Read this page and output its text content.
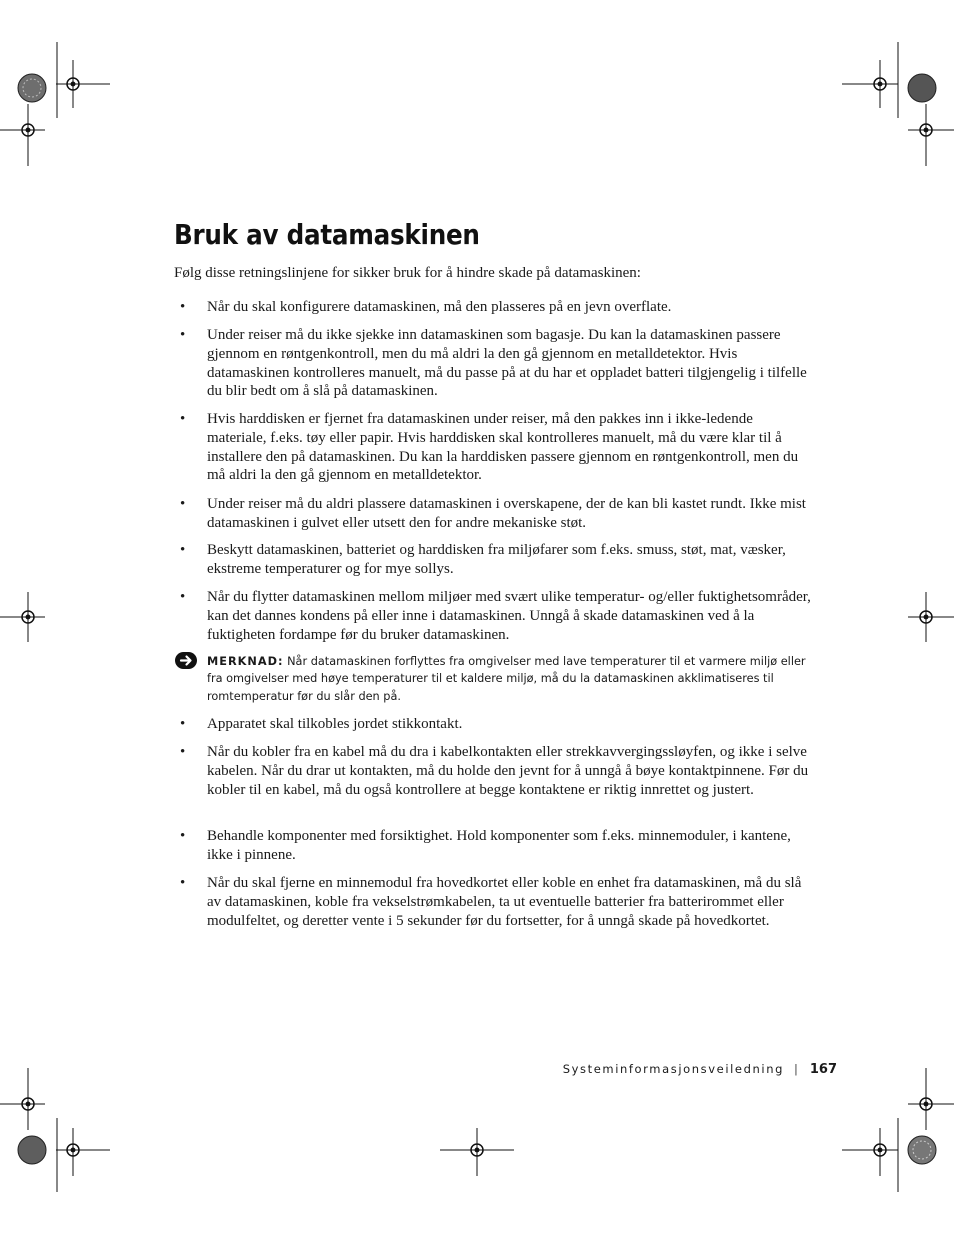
Bruk av datamaskinen

Følg disse retningslinjene for sikker bruk for å hindre skade på datamaskinen:

• Når du skal konfigurere datamaskinen, må den plasseres på en jevn overflate.
• Under reiser må du ikke sjekke inn datamaskinen som bagasje. Du kan la datamaskinen passere gjennom en røntgenkontroll, men du må aldri la den gå gjennom en metalldetektor. Hvis datamaskinen kontrolleres manuelt, må du passe på at du har et oppladet batteri tilgjengelig i tilfelle du blir bedt om å slå på datamaskinen.
• Hvis harddisken er fjernet fra datamaskinen under reiser, må den pakkes inn i ikke-ledende materiale, f.eks. tøy eller papir. Hvis harddisken skal kontrolleres manuelt, må du være klar til å installere den på datamaskinen. Du kan la harddisken passere gjennom en røntgenkontroll, men du må aldri la den gå gjennom en metalldetektor.
• Under reiser må du aldri plassere datamaskinen i overskapene, der de kan bli kastet rundt. Ikke mist datamaskinen i gulvet eller utsett den for andre mekaniske støt.
• Beskytt datamaskinen, batteriet og harddisken fra miljøfarer som f.eks. smuss, støt, mat, væsker, ekstreme temperaturer og for mye sollys.
• Når du flytter datamaskinen mellom miljøer med svært ulike temperatur- og/eller fuktighetsområder, kan det dannes kondens på eller inne i datamaskinen. Unngå å skade datamaskinen ved å la fuktigheten fordampe før du bruker datamaskinen.

MERKNAD: Når datamaskinen forflyttes fra omgivelser med lave temperaturer til et varmere miljø eller fra omgivelser med høye temperaturer til et kaldere miljø, må du la datamaskinen akklimatiseres til romtemperatur før du slår den på.

• Apparatet skal tilkobles jordet stikkontakt.
• Når du kobler fra en kabel må du dra i kabelkontakten eller strekkavvergingssløyfen, og ikke i selve kabelen. Når du drar ut kontakten, må du holde den jevnt for å unngå å bøye kontaktpinnene. Før du kobler til en kabel, må du også kontrollere at begge kontaktene er riktig innrettet og justert.
• Behandle komponenter med forsiktighet. Hold komponenter som f.eks. minnemoduler, i kantene, ikke i pinnene.
• Når du skal fjerne en minnemodul fra hovedkortet eller koble en enhet fra datamaskinen, må du slå av datamaskinen, koble fra vekselstrømkabelen, ta ut eventuelle batterier fra batterirommet eller modulfeltet, og deretter vente i 5 sekunder før du fortsetter, for å unngå skade på hovedkortet.
Systeminformasjonsveiledning | 167
